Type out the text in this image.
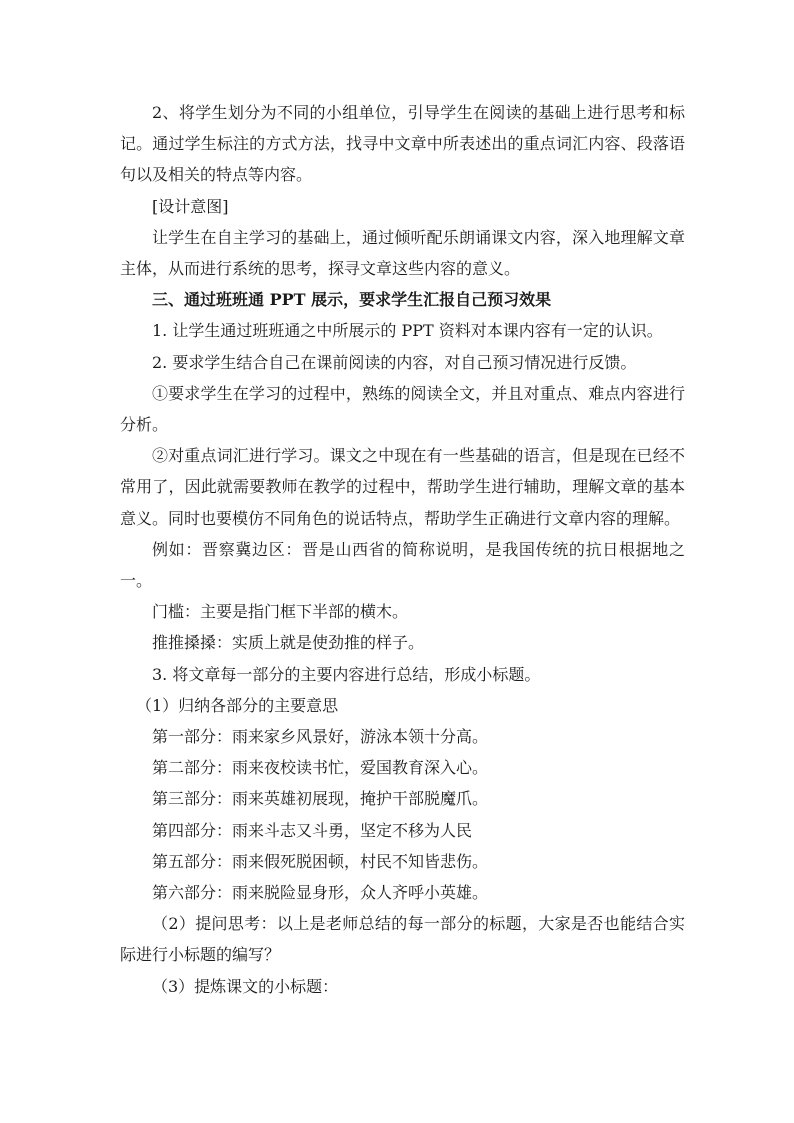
2、将学生划分为不同的小组单位，引导学生在阅读的基础上进行思考和标记。通过学生标注的方式方法，找寻中文章中所表述出的重点词汇内容、段落语句以及相关的特点等内容。

[设计意图]

让学生在自主学习的基础上，通过倾听配乐朗诵课文内容，深入地理解文章主体，从而进行系统的思考，探寻文章这些内容的意义。

三、通过班班通 PPT 展示，要求学生汇报自己预习效果

1. 让学生通过班班通之中所展示的 PPT 资料对本课内容有一定的认识。

2. 要求学生结合自己在课前阅读的内容，对自己预习情况进行反馈。

①要求学生在学习的过程中，熟练的阅读全文，并且对重点、难点内容进行分析。

②对重点词汇进行学习。课文之中现在有一些基础的语言，但是现在已经不常用了，因此就需要教师在教学的过程中，帮助学生进行辅助，理解文章的基本意义。同时也要模仿不同角色的说话特点，帮助学生正确进行文章内容的理解。

例如：晋察冀边区：晋是山西省的简称说明，是我国传统的抗日根据地之一。

门槛：主要是指门框下半部的横木。

推推搡搡：实质上就是使劲推的样子。

3. 将文章每一部分的主要内容进行总结，形成小标题。

（1）归纳各部分的主要意思

第一部分：雨来家乡风景好，游泳本领十分高。

第二部分：雨来夜校读书忙，爱国教育深入心。

第三部分：雨来英雄初展现，掩护干部脱魔爪。

第四部分：雨来斗志又斗勇，坚定不移为人民

第五部分：雨来假死脱困顿，村民不知皆悲伤。

第六部分：雨来脱险显身形，众人齐呼小英雄。

（2）提问思考：以上是老师总结的每一部分的标题，大家是否也能结合实际进行小标题的编写？

（3）提炼课文的小标题：
